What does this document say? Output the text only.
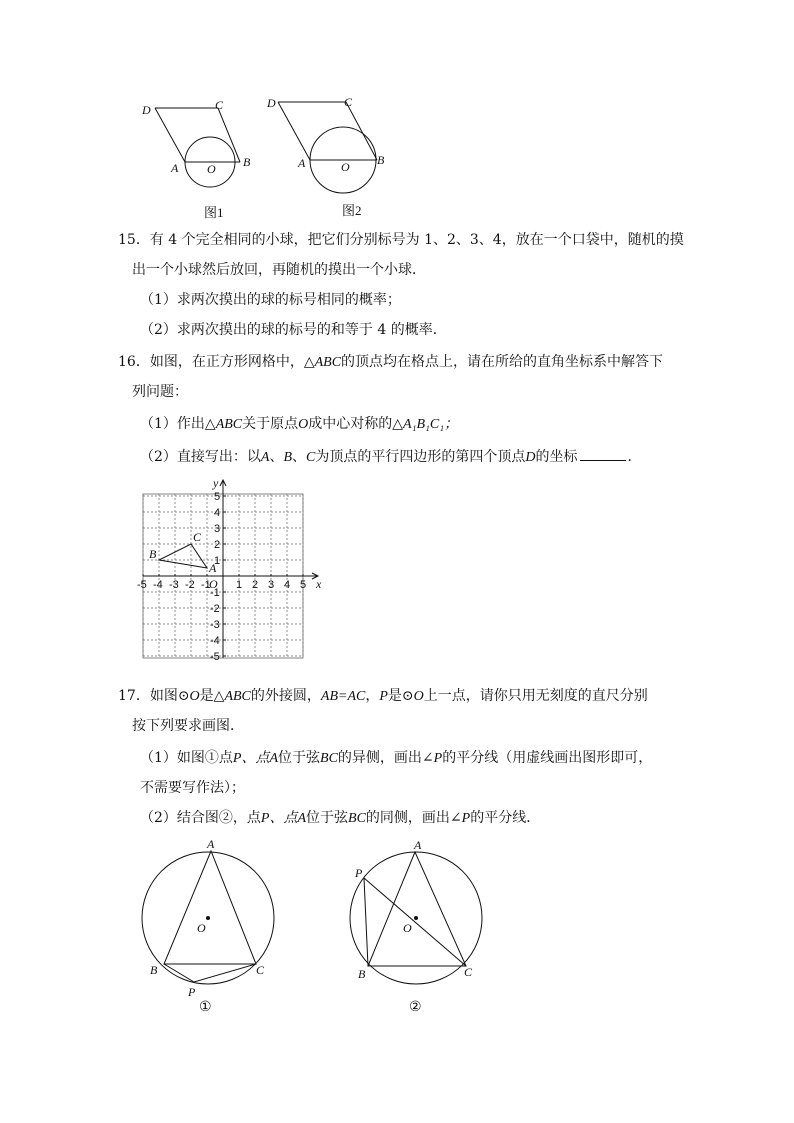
D	C
A	B
O
D	C
A	B
O
图1	图2
15．有 4 个完全相同的小球，把它们分别标号为 1、2、3、4，放在一个口袋中，随机的摸
出一个小球然后放回，再随机的摸出一个小球．
（1）求两次摸出的球的标号相同的概率；
（2）求两次摸出的球的标号的和等于 4 的概率．
16．如图，在正方形网格中，△ABC的顶点均在格点上，请在所给的直角坐标系中解答下
列问题：
（1）作出△ABC关于原点O成中心对称的△A₁B₁C₁；
（2）直接写出：以A、B、C为顶点的平行四边形的第四个顶点D的坐标	．
-5 -4 -3 -2 -1 1 2 3 4 5
5
4
3
2
1
-1
-2
-3
-4
-5
x
y
O
A
B
C
17．如图⊙O是△ABC的外接圆，AB=AC，P是⊙O上一点，请你只用无刻度的直尺分别
按下列要求画图．
（1）如图①点P、点A位于弦BC的异侧，画出∠P的平分线（用虚线画出图形即可，
不需要写作法）；
（2）结合图②，点P、点A位于弦BC的同侧，画出∠P的平分线．
A
B	C
O
P
①
A
P
B	C
O
②
